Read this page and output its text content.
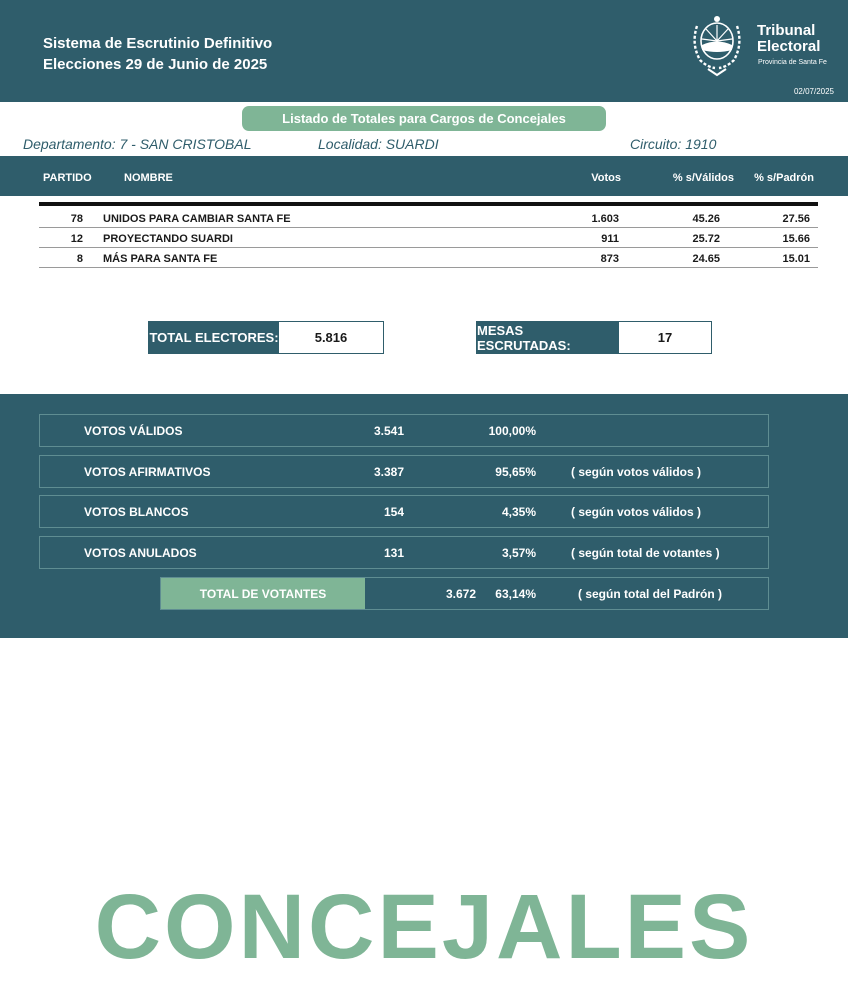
Sistema de Escrutinio Definitivo
Elecciones 29 de Junio de 2025
Tribunal
Electoral
Provincia de Santa Fe
02/07/2025
Listado de Totales para Cargos de Concejales
Departamento: 7 - SAN CRISTOBAL	Localidad: SUARDI	Circuito: 1910
PARTIDO	NOMBRE	Votos	% s/Válidos % s/Padrón
78 UNIDOS PARA CAMBIAR SANTA FE	1.603	45.26	27.56
12 PROYECTANDO SUARDI	911	25.72	15.66
8 MÁS PARA SANTA FE	873	24.65	15.01
TOTAL ELECTORES:	5.816	MESAS ESCRUTADAS:	17
VOTOS VÁLIDOS	3.541	100,00%
VOTOS AFIRMATIVOS	3.387	95,65%	( según votos válidos )
VOTOS BLANCOS	154	4,35%	( según votos válidos )
VOTOS ANULADOS	131	3,57%	( según total de votantes )
TOTAL DE VOTANTES	3.672 63,14%	( según total del Padrón )
CONCEJALES
